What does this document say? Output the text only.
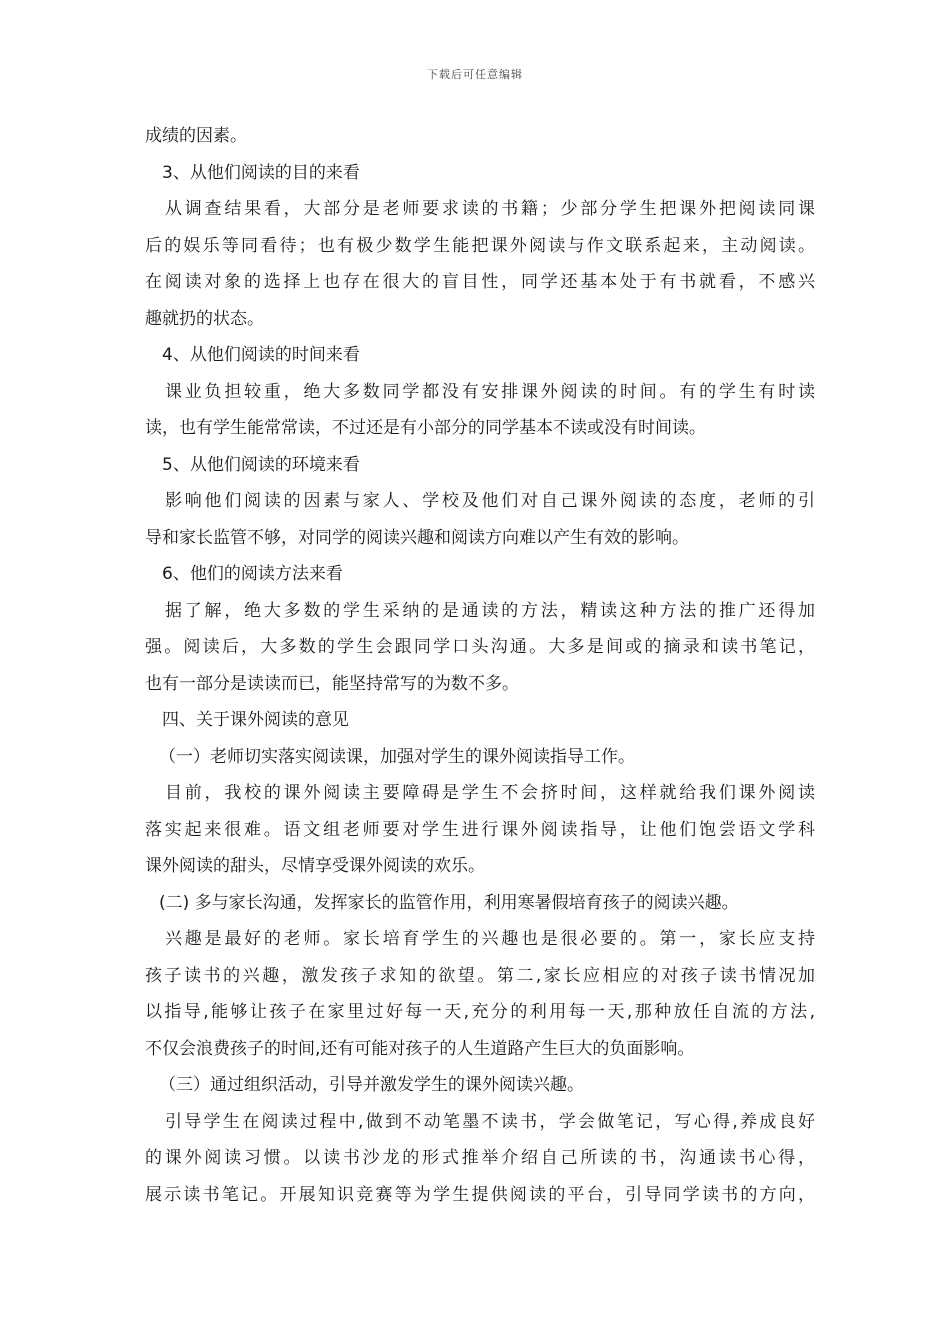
下载后可任意编辑
成绩的因素。
3、从他们阅读的目的来看
从调查结果看，大部分是老师要求读的书籍；少部分学生把课外把阅读同课
后的娱乐等同看待；也有极少数学生能把课外阅读与作文联系起来，主动阅读。
在阅读对象的选择上也存在很大的盲目性，同学还基本处于有书就看，不感兴
趣就扔的状态。
4、从他们阅读的时间来看
课业负担较重，绝大多数同学都没有安排课外阅读的时间。有的学生有时读
读，也有学生能常常读，不过还是有小部分的同学基本不读或没有时间读。
5、从他们阅读的环境来看
影响他们阅读的因素与家人、学校及他们对自己课外阅读的态度，老师的引
导和家长监管不够，对同学的阅读兴趣和阅读方向难以产生有效的影响。
6、他们的阅读方法来看
据了解，绝大多数的学生采纳的是通读的方法，精读这种方法的推广还得加
强。阅读后，大多数的学生会跟同学口头沟通。大多是间或的摘录和读书笔记，
也有一部分是读读而已，能坚持常写的为数不多。
四、关于课外阅读的意见
（一）老师切实落实阅读课，加强对学生的课外阅读指导工作。
目前，我校的课外阅读主要障碍是学生不会挤时间，这样就给我们课外阅读
落实起来很难。语文组老师要对学生进行课外阅读指导，让他们饱尝语文学科
课外阅读的甜头，尽情享受课外阅读的欢乐。
(二) 多与家长沟通，发挥家长的监管作用，利用寒暑假培育孩子的阅读兴趣。
兴趣是最好的老师。家长培育学生的兴趣也是很必要的。第一，家长应支持
孩子读书的兴趣，激发孩子求知的欲望。第二,家长应相应的对孩子读书情况加
以指导,能够让孩子在家里过好每一天,充分的利用每一天,那种放任自流的方法,
不仅会浪费孩子的时间,还有可能对孩子的人生道路产生巨大的负面影响。
（三）通过组织活动，引导并激发学生的课外阅读兴趣。
引导学生在阅读过程中,做到不动笔墨不读书，学会做笔记，写心得,养成良好
的课外阅读习惯。以读书沙龙的形式推举介绍自己所读的书，沟通读书心得，
展示读书笔记。开展知识竞赛等为学生提供阅读的平台，引导同学读书的方向，
